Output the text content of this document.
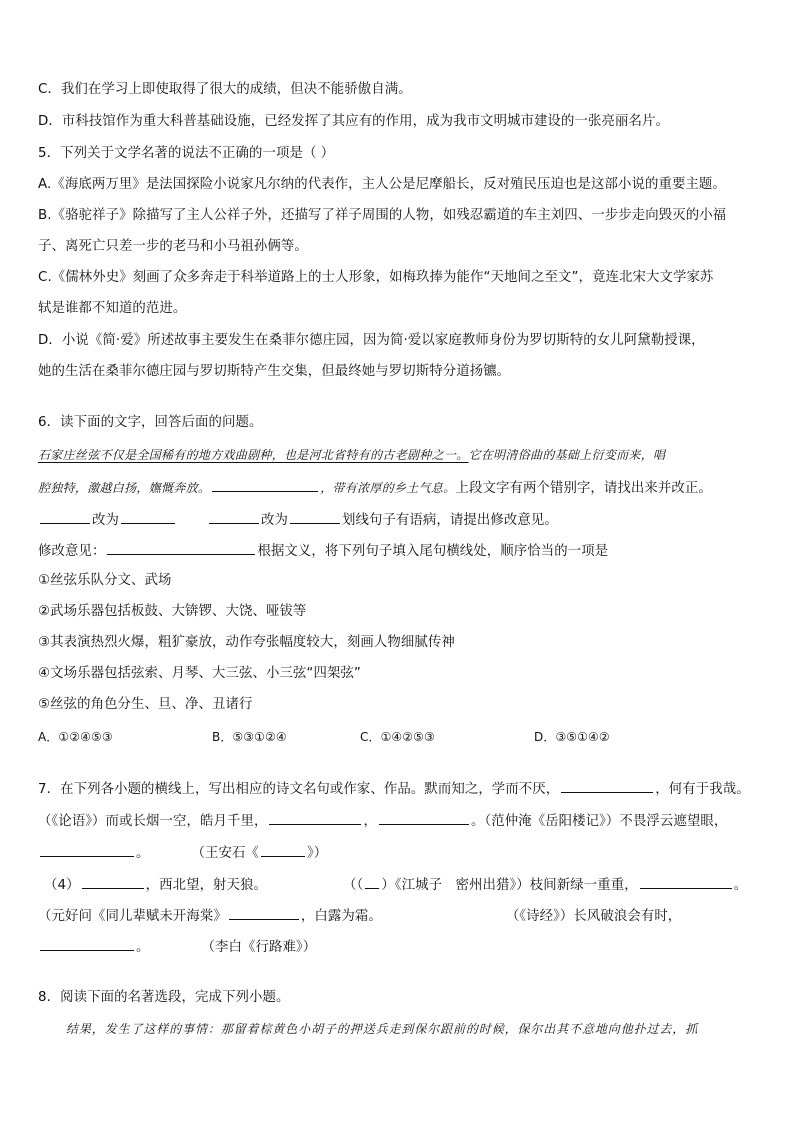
C．我们在学习上即使取得了很大的成绩，但决不能骄傲自满。
D．市科技馆作为重大科普基础设施，已经发挥了其应有的作用，成为我市文明城市建设的一张亮丽名片。
5．下列关于文学名著的说法不正确的一项是（ ）
A.《海底两万里》是法国探险小说家凡尔纳的代表作，主人公是尼摩船长，反对殖民压迫也是这部小说的重要主题。
B.《骆驼祥子》除描写了主人公祥子外，还描写了祥子周围的人物，如残忍霸道的车主刘四、一步步走向毁灭的小福
子、离死亡只差一步的老马和小马祖孙俩等。
C.《儒林外史》刻画了众多奔走于科举道路上的士人形象，如梅玖捧为能作“天地间之至文”，竟连北宋大文学家苏
轼是谁都不知道的范进。
D．小说《简·爱》所述故事主要发生在桑菲尔德庄园，因为简·爱以家庭教师身份为罗切斯特的女儿阿黛勒授课，
她的生活在桑菲尔德庄园与罗切斯特产生交集，但最终她与罗切斯特分道扬镳。
6．读下面的文字，回答后面的问题。
石家庄丝弦不仅是全国稀有的地方戏曲剧种，也是河北省特有的古老剧种之一。它在明清俗曲的基础上衍变而来，唱
腔独特，激越白扬，嫵慨奔放。	，带有浓厚的乡土气息。上段文字有两个错别字，请找出来并改正。
改为	改为	划线句子有语病，请提出修改意见。
修改意见：	根据文义，将下列句子填入尾句横线处，顺序恰当的一项是
①丝弦乐队分文、武场
②武场乐器包括板鼓、大锛锣、大饶、哑钹等
③其表演热烈火爆，粗犷豪放，动作夸张幅度较大，刻画人物细腻传神
④文场乐器包括弦索、月琴、大三弦、小三弦“四架弦”
⑤丝弦的角色分生、旦、净、丑诸行
A．①②④⑤③	B．⑤③①②④	C．①④②⑤③	D．③⑤①④②
7．在下列各小题的横线上，写出相应的诗文名句或作家、作品。默而知之，学而不厌，	，何有于我哉。
（《论语》）而或长烟一空，皓月千里，	，	。（范仲淹《岳阳楼记》）不畏浮云遮望眼，
。	（王安石《	》）
（4）	，西北望，射天狼。	（（ ）《江城子　密州出猎》）枝间新绿一重重，	。
（元好问《同儿辈赋未开海棠》	，白露为霜。	（《诗经》）长风破浪会有时，
。	（李白《行路难》）
8．阅读下面的名著选段，完成下列小题。
结果，发生了这样的事情：那留着棕黄色小胡子的押送兵走到保尔跟前的时候，保尔出其不意地向他扑过去，抓
